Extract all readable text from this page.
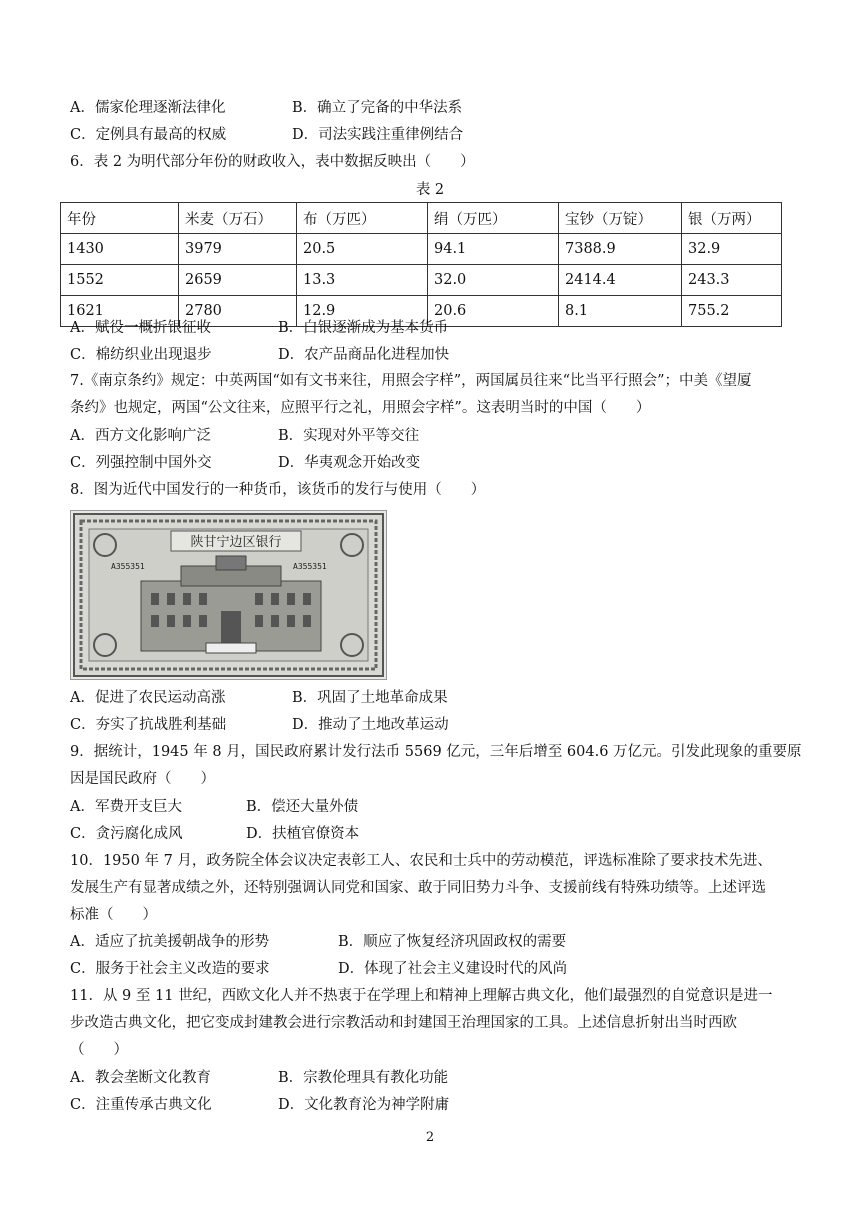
A．儒家伦理逐渐法律化	B．确立了完备的中华法系
C．定例具有最高的权威	D．司法实践注重律例结合
6．表 2 为明代部分年份的财政收入，表中数据反映出（　　）
表 2
年份	米麦（万石）	布（万匹）	绢（万匹）	宝钞（万锭）	银（万两）
1430	3979	20.5	94.1	7388.9	32.9
1552	2659	13.3	32.0	2414.4	243.3
1621	2780	12.9	20.6	8.1	755.2
A．赋役一概折银征收	B．白银逐渐成为基本货币
C．棉纺织业出现退步	D．农产品商品化进程加快
7.《南京条约》规定：中英两国“如有文书来往，用照会字样”，两国属员往来“比当平行照会”；中美《望厦
条约》也规定，两国“公文往来，应照平行之礼，用照会字样”。这表明当时的中国（　　）
A．西方文化影响广泛	B．实现对外平等交往
C．列强控制中国外交	D．华夷观念开始改变
8．图为近代中国发行的一种货币，该货币的发行与使用（　　）
陕甘宁边区银行
A355351	A355351
A．促进了农民运动高涨	B．巩固了土地革命成果
C．夯实了抗战胜利基础	D．推动了土地改革运动
9．据统计，1945 年 8 月，国民政府累计发行法币 5569 亿元，三年后增至 604.6 万亿元。引发此现象的重要原
因是国民政府（　　）
A．军费开支巨大	B．偿还大量外债
C．贪污腐化成风	D．扶植官僚资本
10．1950 年 7 月，政务院全体会议决定表彰工人、农民和士兵中的劳动模范，评选标准除了要求技术先进、
发展生产有显著成绩之外，还特别强调认同党和国家、敢于同旧势力斗争、支援前线有特殊功绩等。上述评选
标准（　　）
A．适应了抗美援朝战争的形势	B．顺应了恢复经济巩固政权的需要
C．服务于社会主义改造的要求	D．体现了社会主义建设时代的风尚
11．从 9 至 11 世纪，西欧文化人并不热衷于在学理上和精神上理解古典文化，他们最强烈的自觉意识是进一
步改造古典文化，把它变成封建教会进行宗教活动和封建国王治理国家的工具。上述信息折射出当时西欧
（　　）
A．教会垄断文化教育	B．宗教伦理具有教化功能
C．注重传承古典文化	D．文化教育沦为神学附庸
2
